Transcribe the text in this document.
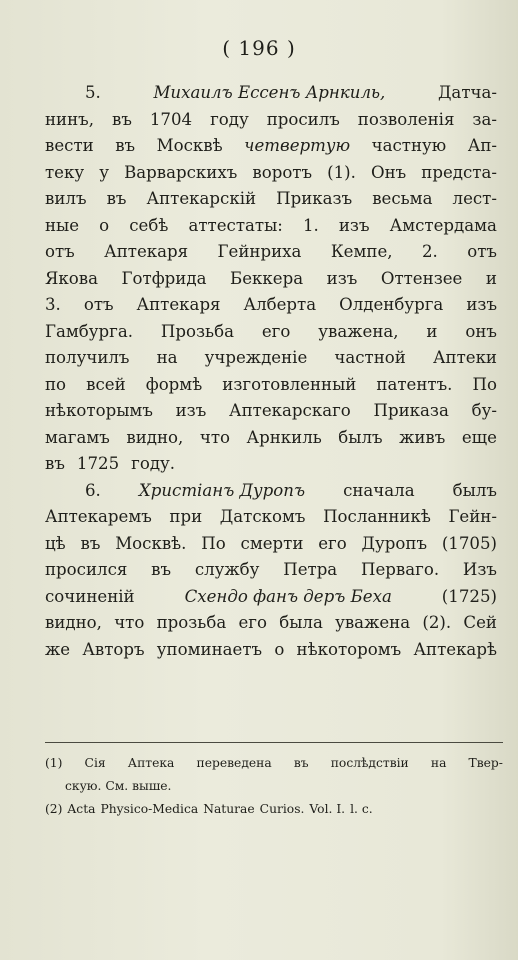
( 196 )
5.	Михаилъ Ессенъ Арнкиль,	Датча-
нинъ, въ 1704 году просилъ позволенія за-
вести въ Москвѣ четвертую частную Ап-
теку у Варварскихъ воротъ (1). Онъ предста-
вилъ въ Аптекарскій Приказъ весьма лест-
ные о себѣ аттестаты: 1. изъ Амстердама
отъ Аптекаря Гейнриха Кемпе, 2. отъ
Якова Готфрида Беккера изъ Оттензее и
3. отъ Аптекаря Алберта Олденбурга изъ
Гамбурга. Прозьба его уважена, и онъ
получилъ на учрежденіе частной Аптеки
по всей формѣ изготовленный патентъ. По
нѣкоторымъ изъ Аптекарскаго Приказа бу-
магамъ видно, что Арнкиль былъ живъ еще
въ 1725 году.
6. Христіанъ Дуропъ сначала былъ
Аптекаремъ при Датскомъ Посланникѣ Гейн-
цѣ въ Москвѣ. По смерти его Дуропъ (1705)
просился въ службу Петра Перваго. Изъ
сочиненій	Схендо фанъ деръ Беха	(1725)
видно, что прозьба его была уважена (2). Сей
же Авторъ упоминаетъ о нѣкоторомъ Аптекарѣ
(1) Сія Аптека переведена въ послѣдствіи на Твер-
скую. См. выше.
(2) Acta Physico-Medica Naturae Curios. Vol. I. l. c.
